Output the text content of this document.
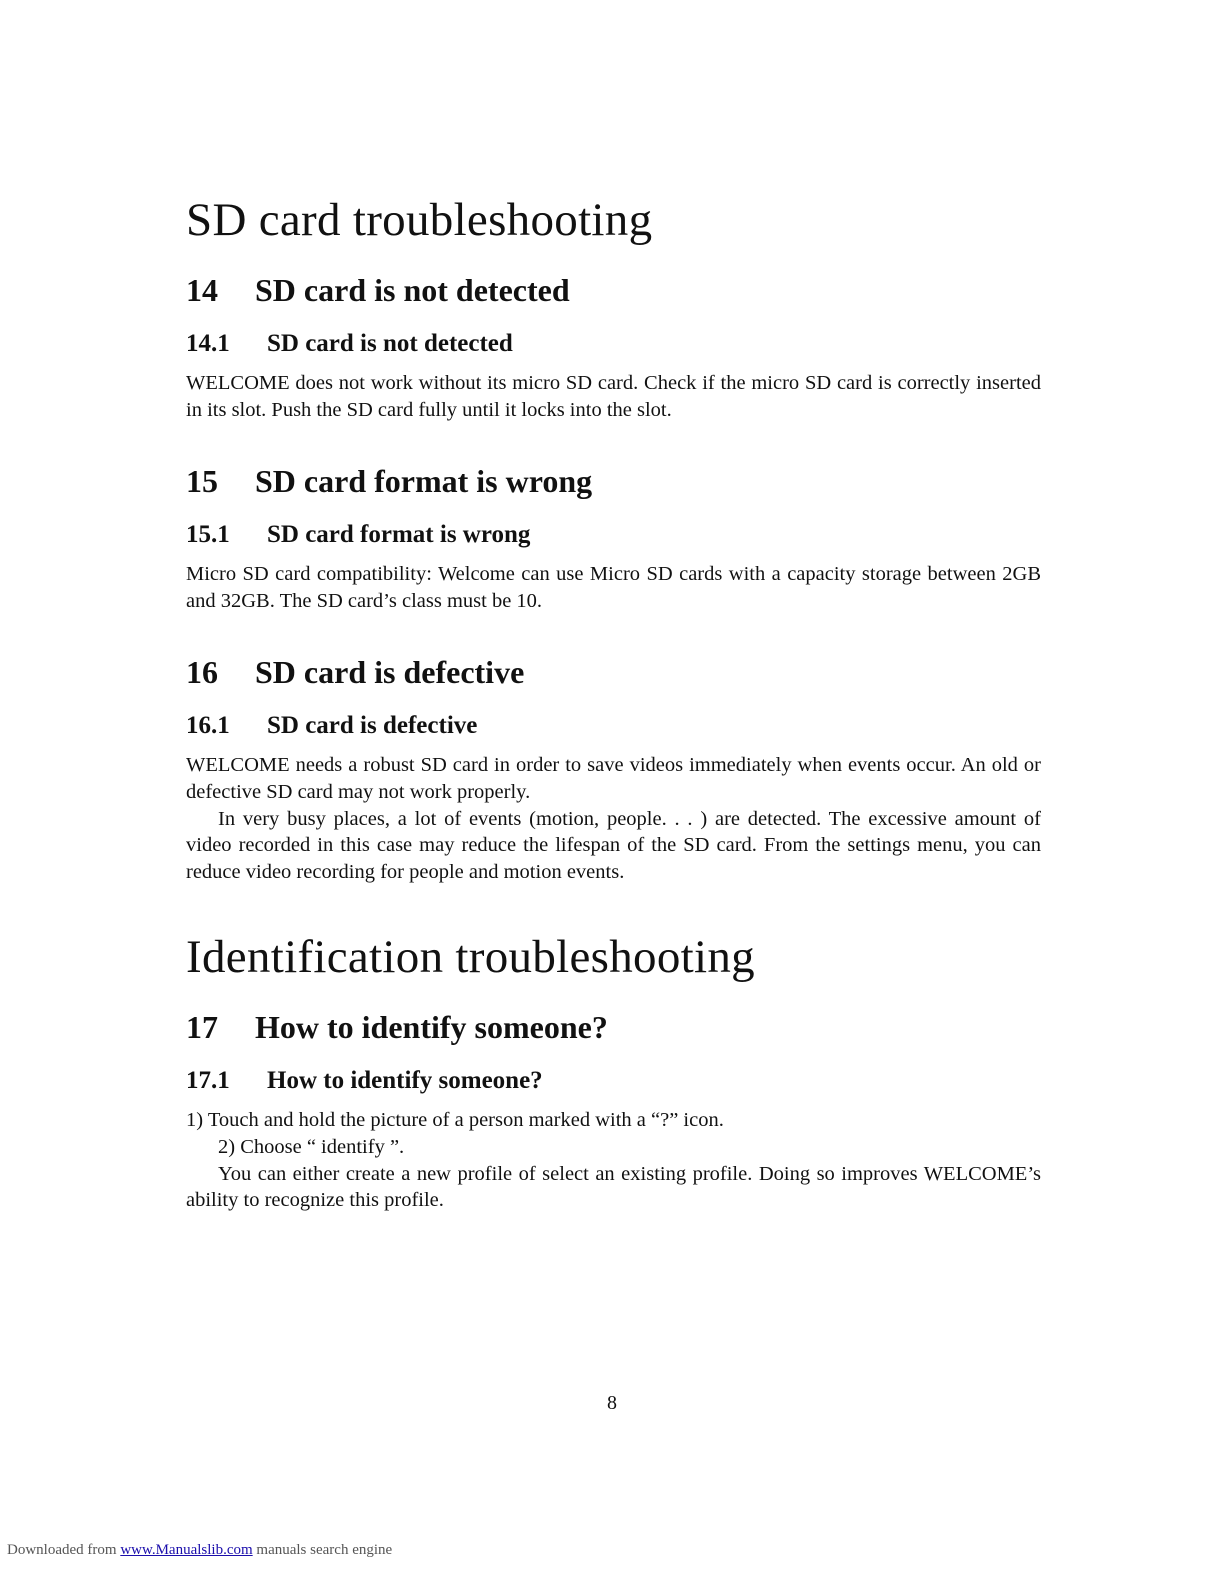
SD card troubleshooting
14	SD card is not detected
14.1	SD card is not detected

WELCOME does not work without its micro SD card. Check if the micro SD card is correctly inserted in its slot. Push the SD card fully until it locks into the slot.

15	SD card format is wrong
15.1	SD card format is wrong

Micro SD card compatibility: Welcome can use Micro SD cards with a capacity storage between 2GB and 32GB. The SD card’s class must be 10.

16	SD card is defective
16.1	SD card is defective

WELCOME needs a robust SD card in order to save videos immediately when events occur. An old or defective SD card may not work properly.

In very busy places, a lot of events (motion, people. . . ) are detected. The excessive amount of video recorded in this case may reduce the lifespan of the SD card. From the settings menu, you can reduce video recording for people and motion events.

Identification troubleshooting
17	How to identify someone?
17.1	How to identify someone?

1) Touch and hold the picture of a person marked with a “?” icon.

2) Choose “ identify ”.

You can either create a new profile of select an existing profile. Doing so improves WELCOME’s ability to recognize this profile.

8
Downloaded from www.Manualslib.com manuals search engine
